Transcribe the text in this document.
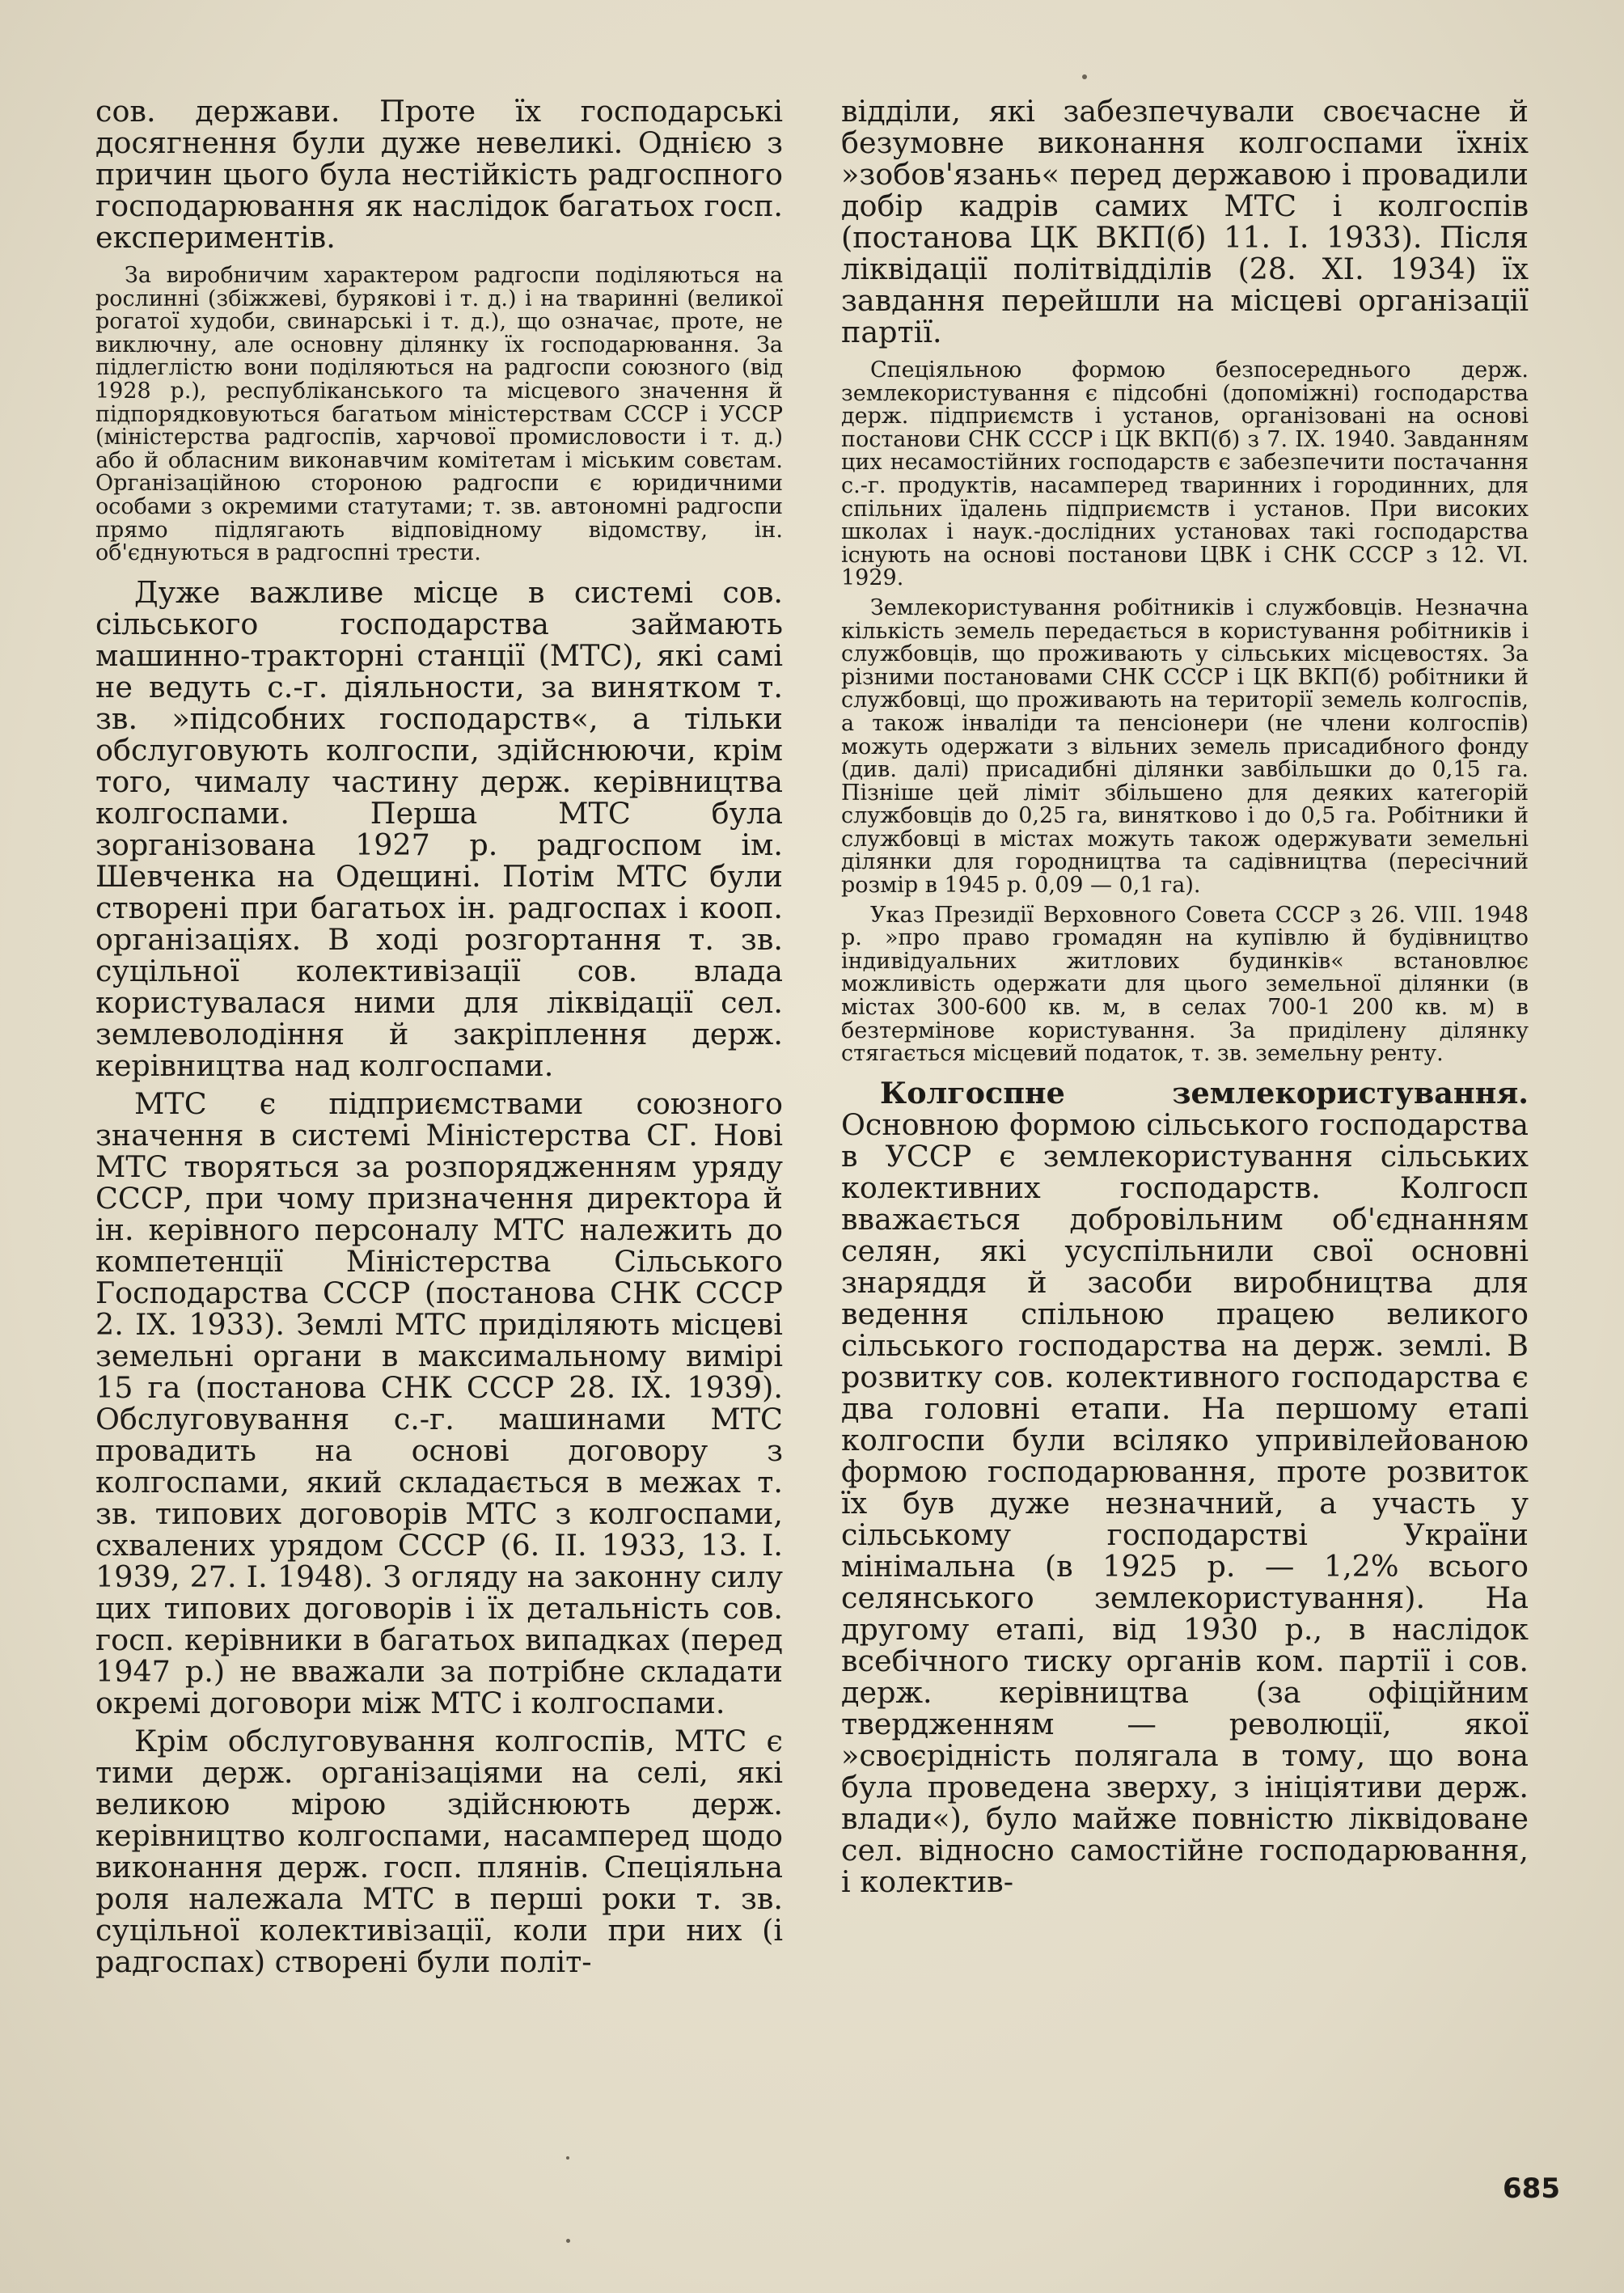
сов. держави. Проте їх господарські досягнення були дуже невеликі. Однією з причин цього була нестійкість радгоспного господарювання як наслідок багатьох госп. експериментів.

За виробничим характером радгоспи поділяються на рослинні (збіжжеві, бурякові і т. д.) і на тваринні (великої рогатої худоби, свинарські і т. д.), що означає, проте, не виключну, але основну ділянку їх господарювання. За підлеглістю вони поділяються на радгоспи союзного (від 1928 р.), республіканського та місцевого значення й підпорядковуються багатьом міністерствам СССР і УССР (міністерства радгоспів, харчової промисловости і т. д.) або й обласним виконавчим комітетам і міським совєтам. Організаційною стороною радгоспи є юридичними особами з окремими статутами; т. зв. автономні радгоспи прямо підлягають відповідному відомству, ін. об'єднуються в радгоспні трести.

Дуже важливе місце в системі сов. сільського господарства займають машинно-тракторні станції (МТС), які самі не ведуть с.-г. діяльности, за винятком т. зв. »підсобних господарств«, а тільки обслуговують колгоспи, здійснюючи, крім того, чималу частину держ. керівництва колгоспами. Перша МТС була зорганізована 1927 р. радгоспом ім. Шевченка на Одещині. Потім МТС були створені при багатьох ін. радгоспах і кооп. організаціях. В ході розгортання т. зв. суцільної колективізації сов. влада користувалася ними для ліквідації сел. землеволодіння й закріплення держ. керівництва над колгоспами.

МТС є підприємствами союзного значення в системі Міністерства СГ. Нові МТС творяться за розпорядженням уряду СССР, при чому призначення директора й ін. керівного персоналу МТС належить до компетенції Міністерства Сільського Господарства СССР (постанова СНК СССР 2. IX. 1933). Землі МТС приділяють місцеві земельні органи в максимальному вимірі 15 га (постанова СНК СССР 28. IX. 1939). Обслуговування с.-г. машинами МТС провадить на основі договору з колгоспами, який складається в межах т. зв. типових договорів МТС з колгоспами, схвалених урядом СССР (6. II. 1933, 13. I. 1939, 27. I. 1948). З огляду на законну силу цих типових договорів і їх детальність сов. госп. керівники в багатьох випадках (перед 1947 р.) не вважали за потрібне складати окремі договори між МТС і колгоспами.

Крім обслуговування колгоспів, МТС є тими держ. організаціями на селі, які великою мірою здійснюють держ. керівництво колгоспами, насамперед щодо виконання держ. госп. плянів. Спеціяльна роля належала МТС в перші роки т. зв. суцільної колективізації, коли при них (і радгоспах) створені були політ-

відділи, які забезпечували своєчасне й безумовне виконання колгоспами їхніх »зобов'язань« перед державою і провадили добір кадрів самих МТС і колгоспів (постанова ЦК ВКП(б) 11. I. 1933). Після ліквідації політвідділів (28. XI. 1934) їх завдання перейшли на місцеві організації партії.

Спеціяльною формою безпосереднього держ. землекористування є підсобні (допоміжні) господарства держ. підприємств і установ, організовані на основі постанови СНК СССР і ЦК ВКП(б) з 7. IX. 1940. Завданням цих несамостійних господарств є забезпечити постачання с.-г. продуктів, насамперед тваринних і городинних, для спільних їдалень підприємств і установ. При високих школах і наук.-дослідних установах такі господарства існують на основі постанови ЦВК і СНК СССР з 12. VI. 1929.

Землекористування робітників і службовців. Незначна кількість земель передається в користування робітників і службовців, що проживають у сільських місцевостях. За різними постановами СНК СССР і ЦК ВКП(б) робітники й службовці, що проживають на території земель колгоспів, а також інваліди та пенсіонери (не члени колгоспів) можуть одержати з вільних земель присадибного фонду (див. далі) присадибні ділянки завбільшки до 0,15 га. Пізніше цей ліміт збільшено для деяких категорій службовців до 0,25 га, винятково і до 0,5 га. Робітники й службовці в містах можуть також одержувати земельні ділянки для городництва та садівництва (пересічний розмір в 1945 р. 0,09 — 0,1 га).

Указ Президії Верховного Совета СССР з 26. VIII. 1948 р. »про право громадян на купівлю й будівництво індивідуальних житлових будинків« встановлює можливість одержати для цього земельної ділянки (в містах 300-600 кв. м, в селах 700-1 200 кв. м) в безтермінове користування. За приділену ділянку стягається місцевий податок, т. зв. земельну ренту.

Колгоспне землекористування. Основною формою сільського господарства в УССР є землекористування сільських колективних господарств. Колгосп вважається добровільним об'єднанням селян, які усуспільнили свої основні знаряддя й засоби виробництва для ведення спільною працею великого сільського господарства на держ. землі. В розвитку сов. колективного господарства є два головні етапи. На першому етапі колгоспи були всіляко упривілейованою формою господарювання, проте розвиток їх був дуже незначний, а участь у сільському господарстві України мінімальна (в 1925 р. — 1,2% всього селянського землекористування). На другому етапі, від 1930 р., в наслідок всебічного тиску органів ком. партії і сов. держ. керівництва (за офіційним твердженням — революції, якої »своєрідність полягала в тому, що вона була проведена зверху, з ініціятиви держ. влади«), було майже повністю ліквідоване сел. відносно самостійне господарювання, і колектив-

685
